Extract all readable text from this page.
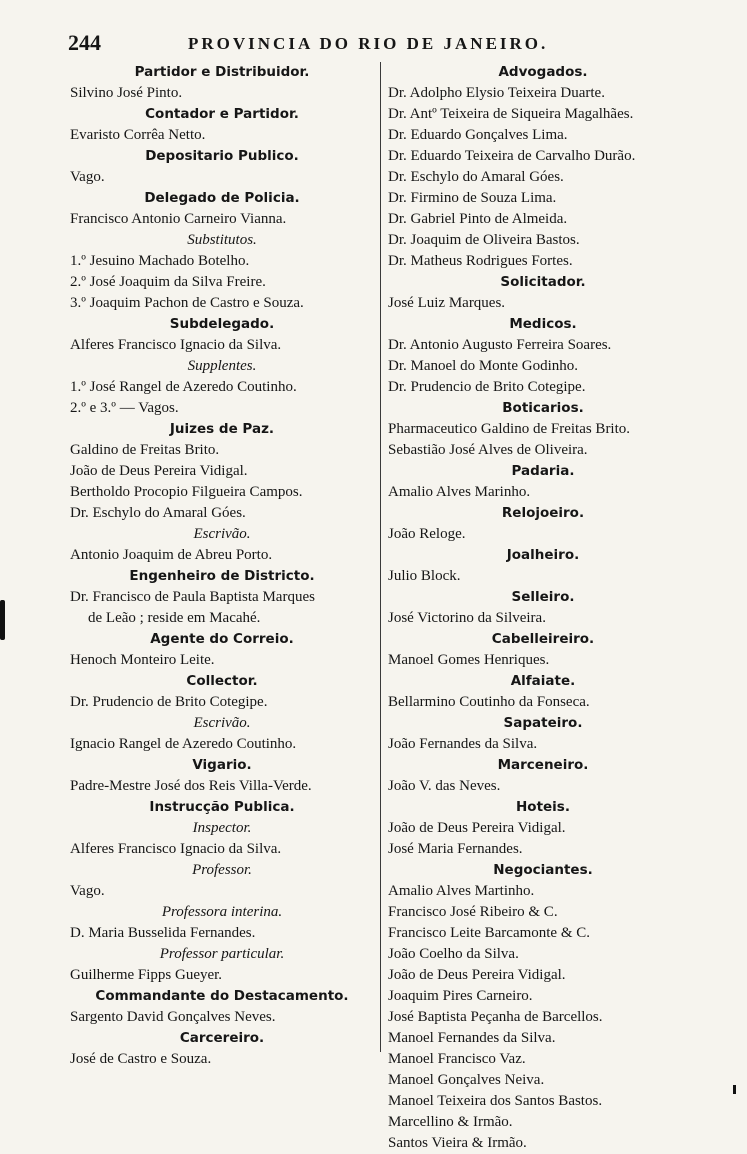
244	PROVINCIA DO RIO DE JANEIRO.
Partidor e Distribuidor.
Silvino José Pinto.
Contador e Partidor.
Evaristo Corrêa Netto.
Depositario Publico.
Vago.
Delegado de Policia.
Francisco Antonio Carneiro Vianna.
Substitutos.
1.º Jesuino Machado Botelho.
2.º José Joaquim da Silva Freire.
3.º Joaquim Pachon de Castro e Souza.
Subdelegado.
Alferes Francisco Ignacio da Silva.
Supplentes.
1.º José Rangel de Azeredo Coutinho.
2.º e 3.º — Vagos.
Juizes de Paz.
Galdino de Freitas Brito.
João de Deus Pereira Vidigal.
Bertholdo Procopio Filgueira Campos.
Dr. Eschylo do Amaral Góes.
Escrivão.
Antonio Joaquim de Abreu Porto.
Engenheiro de Districto.
Dr. Francisco de Paula Baptista Marques
de Leão ; reside em Macahé.
Agente do Correio.
Henoch Monteiro Leite.
Collector.
Dr. Prudencio de Brito Cotegipe.
Escrivão.
Ignacio Rangel de Azeredo Coutinho.
Vigario.
Padre-Mestre José dos Reis Villa-Verde.
Instrucção Publica.
Inspector.
Alferes Francisco Ignacio da Silva.
Professor.
Vago.
Professora interina.
D. Maria Busselida Fernandes.
Professor particular.
Guilherme Fipps Gueyer.
Commandante do Destacamento.
Sargento David Gonçalves Neves.
Carcereiro.
José de Castro e Souza.
Advogados.
Dr. Adolpho Elysio Teixeira Duarte.
Dr. Antº Teixeira de Siqueira Magalhães.
Dr. Eduardo Gonçalves Lima.
Dr. Eduardo Teixeira de Carvalho Durão.
Dr. Eschylo do Amaral Góes.
Dr. Firmino de Souza Lima.
Dr. Gabriel Pinto de Almeida.
Dr. Joaquim de Oliveira Bastos.
Dr. Matheus Rodrigues Fortes.
Solicitador.
José Luiz Marques.
Medicos.
Dr. Antonio Augusto Ferreira Soares.
Dr. Manoel do Monte Godinho.
Dr. Prudencio de Brito Cotegipe.
Boticarios.
Pharmaceutico Galdino de Freitas Brito.
Sebastião José Alves de Oliveira.
Padaria.
Amalio Alves Marinho.
Relojoeiro.
João Reloge.
Joalheiro.
Julio Block.
Selleiro.
José Victorino da Silveira.
Cabelleireiro.
Manoel Gomes Henriques.
Alfaiate.
Bellarmino Coutinho da Fonseca.
Sapateiro.
João Fernandes da Silva.
Marceneiro.
João V. das Neves.
Hoteis.
João de Deus Pereira Vidigal.
José Maria Fernandes.
Negociantes.
Amalio Alves Martinho.
Francisco José Ribeiro & C.
Francisco Leite Barcamonte & C.
João Coelho da Silva.
João de Deus Pereira Vidigal.
Joaquim Pires Carneiro.
José Baptista Peçanha de Barcellos.
Manoel Fernandes da Silva.
Manoel Francisco Vaz.
Manoel Gonçalves Neiva.
Manoel Teixeira dos Santos Bastos.
Marcellino & Irmão.
Santos Vieira & Irmão.
